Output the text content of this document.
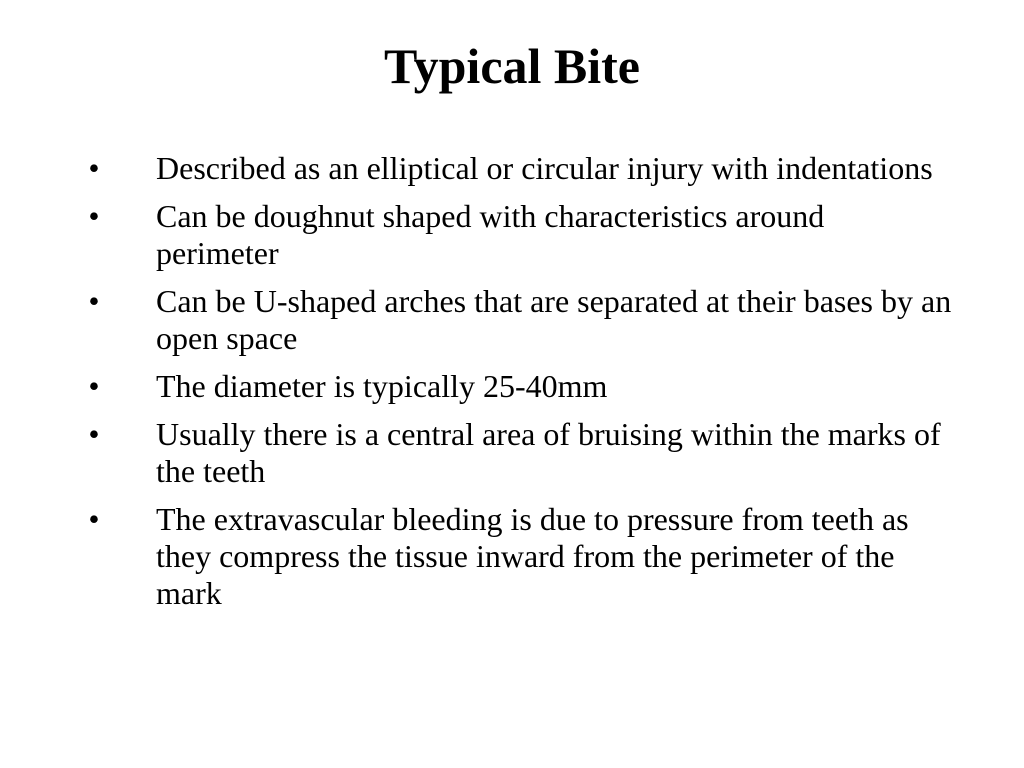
Typical Bite
• Described as an elliptical or circular injury with indentations
• Can be doughnut shaped with characteristics around perimeter
• Can be U-shaped arches that are separated at their bases by an open space
• The diameter is typically 25-40mm
• Usually there is a central area of bruising within the marks of the teeth
• The extravascular bleeding is due to pressure from teeth as they compress the tissue inward from the perimeter of the mark
